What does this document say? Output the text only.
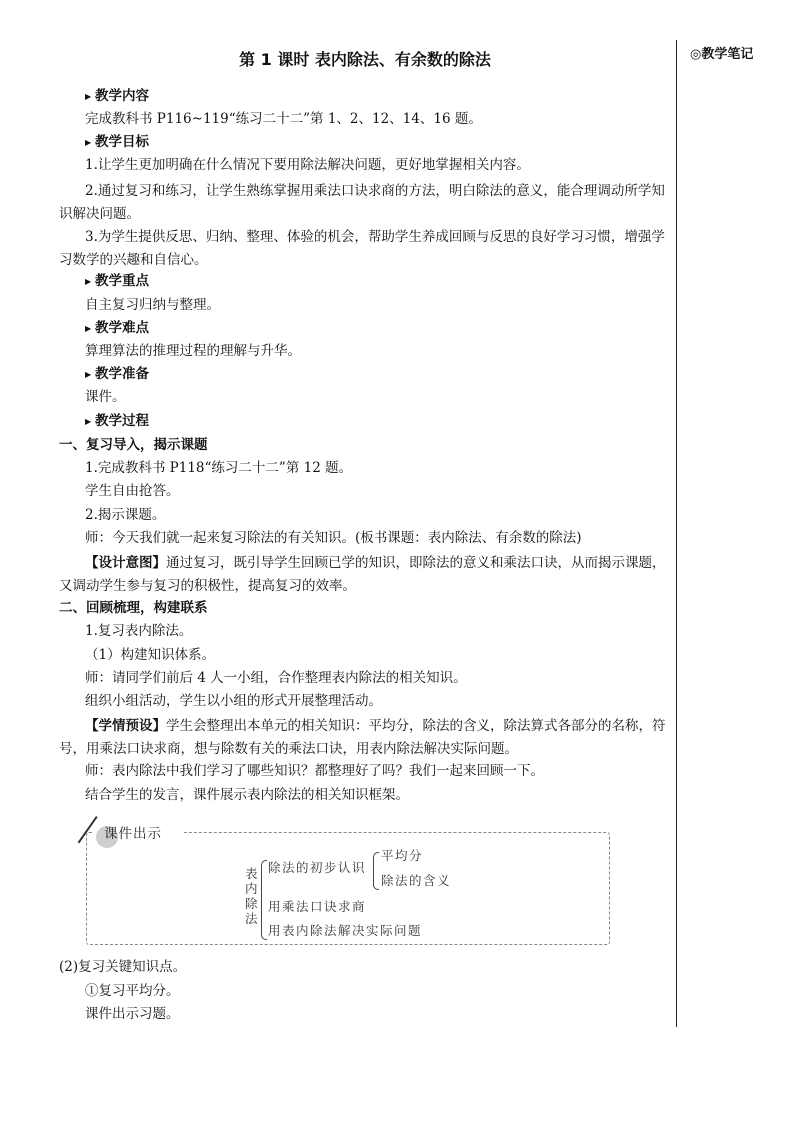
◎教学笔记
第 1 课时 表内除法、有余数的除法
▶ 教学内容
完成教科书 P116~119“练习二十二”第 1、2、12、14、16 题。
▶ 教学目标
1.让学生更加明确在什么情况下要用除法解决问题，更好地掌握相关内容。
2.通过复习和练习，让学生熟练掌握用乘法口诀求商的方法，明白除法的意义，能合理调动所学知识解决问题。
3.为学生提供反思、归纳、整理、体验的机会，帮助学生养成回顾与反思的良好学习习惯，增强学习数学的兴趣和自信心。
▶ 教学重点
自主复习归纳与整理。
▶ 教学难点
算理算法的推理过程的理解与升华。
▶ 教学准备
课件。
▶ 教学过程
一、复习导入，揭示课题
1.完成教科书 P118“练习二十二”第 12 题。
学生自由抢答。
2.揭示课题。
师：今天我们就一起来复习除法的有关知识。(板书课题：表内除法、有余数的除法)
【设计意图】通过复习，既引导学生回顾已学的知识，即除法的意义和乘法口诀，从而揭示课题，又调动学生参与复习的积极性，提高复习的效率。
二、回顾梳理，构建联系
1.复习表内除法。
（1）构建知识体系。
师：请同学们前后 4 人一小组，合作整理表内除法的相关知识。
组织小组活动，学生以小组的形式开展整理活动。
【学情预设】学生会整理出本单元的相关知识：平均分，除法的含义，除法算式各部分的名称，符号，用乘法口诀求商，想与除数有关的乘法口诀，用表内除法解决实际问题。
师：表内除法中我们学习了哪些知识？都整理好了吗？我们一起来回顾一下。
结合学生的发言，课件展示表内除法的相关知识框架。
(2)复习关键知识点。
①复习平均分。
课件出示习题。
课件出示
表内除法
除法的初步认识
平均分
除法的含义
用乘法口诀求商
用表内除法解决实际问题
